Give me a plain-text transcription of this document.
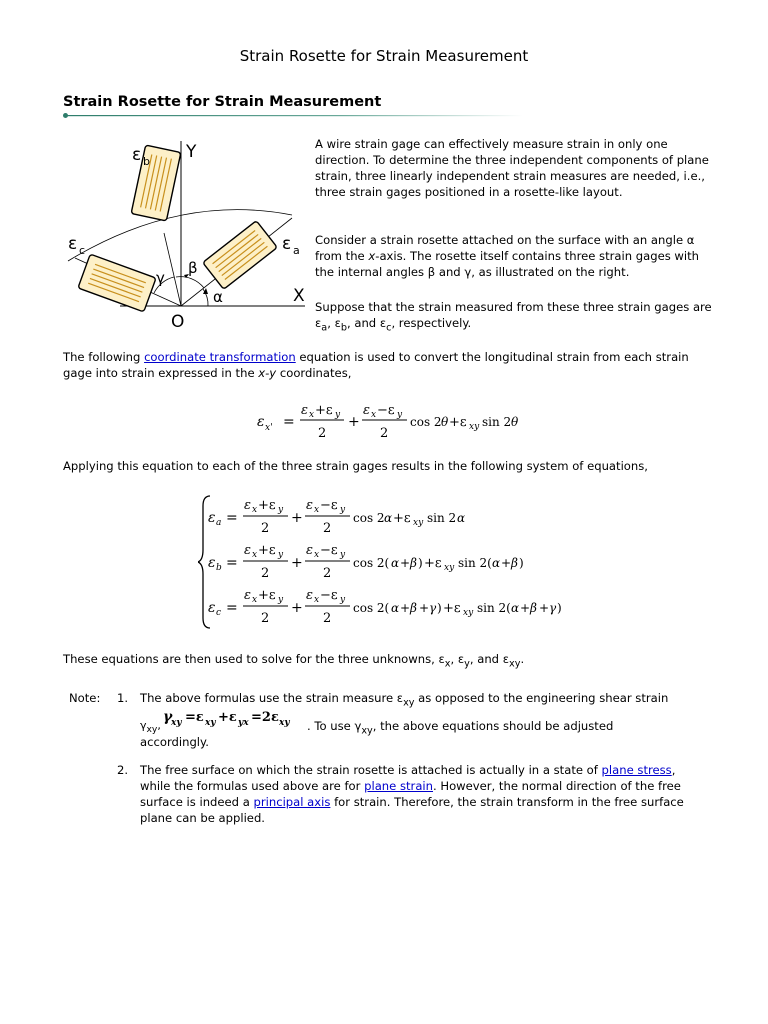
Strain Rosette for Strain Measurement
Strain Rosette for Strain Measurement
ε b Y
ε c	ε a
γ
β
α	X
O
A wire strain gage can effectively measure strain in only one direction. To determine the three independent components of plane strain, three linearly independent strain measures are needed, i.e., three strain gages positioned in a rosette-like layout.
Consider a strain rosette attached on the surface with an angle α from the x-axis. The rosette itself contains three strain gages with the internal angles β and γ, as illustrated on the right.
Suppose that the strain measured from these three strain gages are $\varepsilon_a$, $\varepsilon_b$, and $\varepsilon_c$, respectively.
The following coordinate transformation equation is used to convert the longitudinal strain from each strain gage into strain expressed in the x-y coordinates,
ε x' =
ε x +ε y
2
+
ε x −ε y
2
cos 2 θ +ε xy sin 2 θ
Applying this equation to each of the three strain gages results in the following system of equations,
ε a =
ε x +ε y
2
+
ε x −ε y
2
cos 2 α +ε xy sin 2 α
ε b =
ε x +ε y
2
+
ε x −ε y
2
cos 2( α + β ) +ε xy sin 2( α + β )
ε c =
ε x +ε y
2
+
ε x −ε y
2
cos 2( α + β + γ ) +ε xy sin 2( α + β + γ )
These equations are then used to solve for the three unknowns, $\varepsilon_x$, $\varepsilon_y$, and $\varepsilon_{xy}$.
Note: 1. The above formulas use the strain measure $\varepsilon_{xy}$ as opposed to the engineering shear strain
$\gamma_{xy}$,
γ
xy =ε xy +ε yx =2ε xy . To use $\gamma_{xy}$, the above equations should be adjusted
accordingly.
2. The free surface on which the strain rosette is attached is actually in a state of plane stress, while the formulas used above are for plane strain. However, the normal direction of the free surface is indeed a principal axis for strain. Therefore, the strain transform in the free surface plane can be applied.
